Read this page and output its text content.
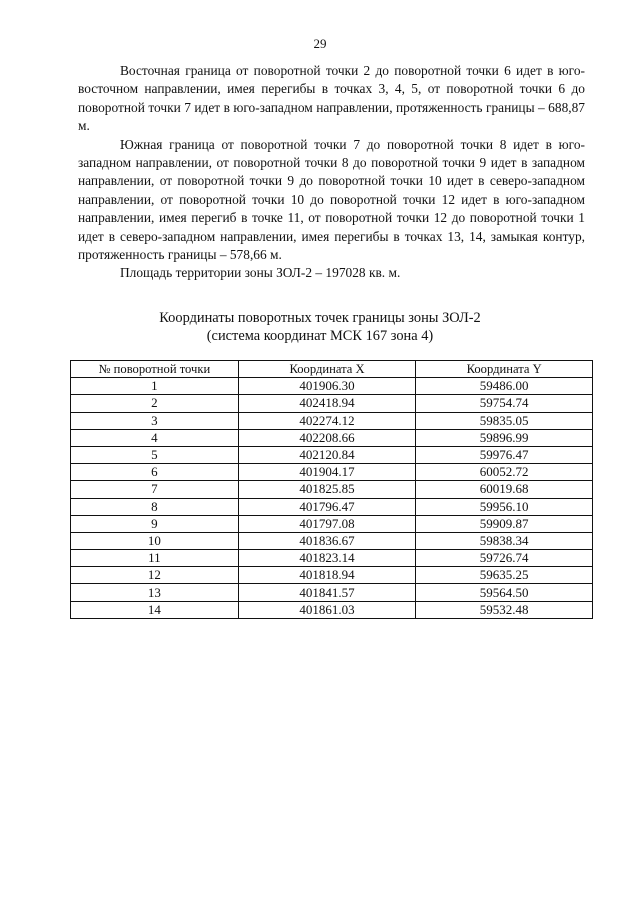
29

Восточная граница от поворотной точки 2 до поворотной точки 6 идет в юго-восточном направлении, имея перегибы в точках 3, 4, 5, от поворотной точки 6 до поворотной точки 7 идет в юго-западном направлении, протяженность границы – 688,87 м.

Южная граница от поворотной точки 7 до поворотной точки 8 идет в юго-западном направлении, от поворотной точки 8 до поворотной точки 9 идет в западном направлении, от поворотной точки 9 до поворотной точки 10 идет в северо-западном направлении, от поворотной точки 10 до поворотной точки 12 идет в юго-западном направлении, имея перегиб в точке 11, от поворотной точки 12 до поворотной точки 1 идет в северо-западном направлении, имея перегибы в точках 13, 14, замыкая контур, протяженность границы – 578,66 м.

Площадь территории зоны ЗОЛ-2 – 197028 кв. м.

Координаты поворотных точек границы зоны ЗОЛ-2
(система координат МСК 167 зона 4)
№ поворотной точки	Координата X	Координата Y
1	401906.30	59486.00
2	402418.94	59754.74
3	402274.12	59835.05
4	402208.66	59896.99
5	402120.84	59976.47
6	401904.17	60052.72
7	401825.85	60019.68
8	401796.47	59956.10
9	401797.08	59909.87
10	401836.67	59838.34
11	401823.14	59726.74
12	401818.94	59635.25
13	401841.57	59564.50
14	401861.03	59532.48
